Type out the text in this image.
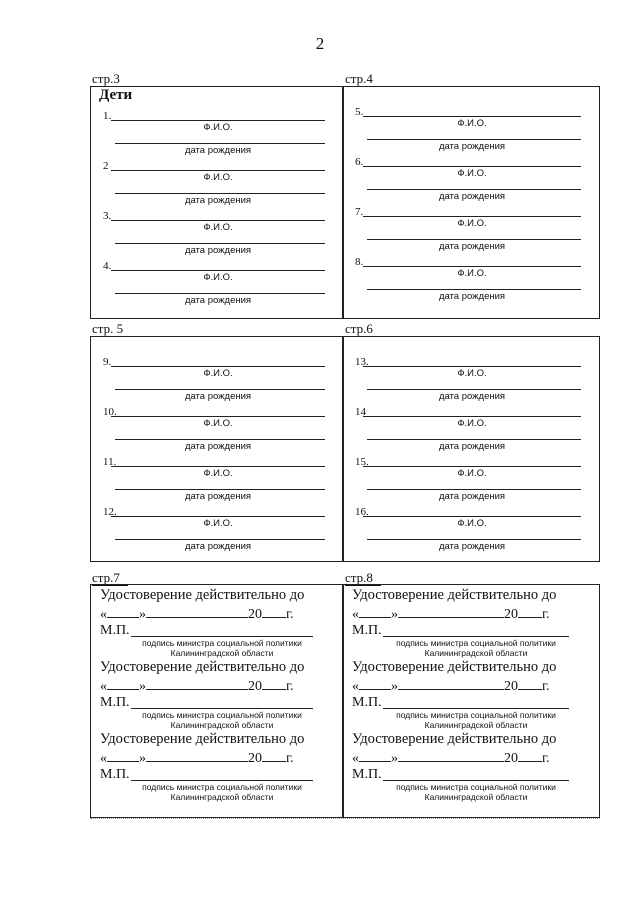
2
стр.3	стр.4
Дети
1.
Ф.И.О.
дата рождения
2
Ф.И.О.
дата рождения
3.
Ф.И.О.
дата рождения
4.
Ф.И.О.
дата рождения
5.
Ф.И.О.
дата рождения
6.
Ф.И.О.
дата рождения
7.
Ф.И.О.
дата рождения
8.
Ф.И.О.
дата рождения
стр. 5	стр.6
9.
Ф.И.О.
дата рождения
10.
Ф.И.О.
дата рождения
11.
Ф.И.О.
дата рождения
12.
Ф.И.О.
дата рождения
13.
Ф.И.О.
дата рождения
14
Ф.И.О.
дата рождения
15.
Ф.И.О.
дата рождения
16.
Ф.И.О.
дата рождения
стр.7	стр.8
Удостоверение действительно до
« »	20 г.
М.П.
подпись министра социальной политики
Калининградской области
Удостоверение действительно до
« »	20 г.
М.П.
подпись министра социальной политики
Калининградской области
Удостоверение действительно до
« »	20 г.
М.П.
подпись министра социальной политики
Калининградской области
Удостоверение действительно до
« »	20 г.
М.П.
подпись министра социальной политики
Калининградской области
Удостоверение действительно до
« »	20 г.
М.П.
подпись министра социальной политики
Калининградской области
Удостоверение действительно до
« »	20 г.
М.П.
подпись министра социальной политики
Калининградской области
